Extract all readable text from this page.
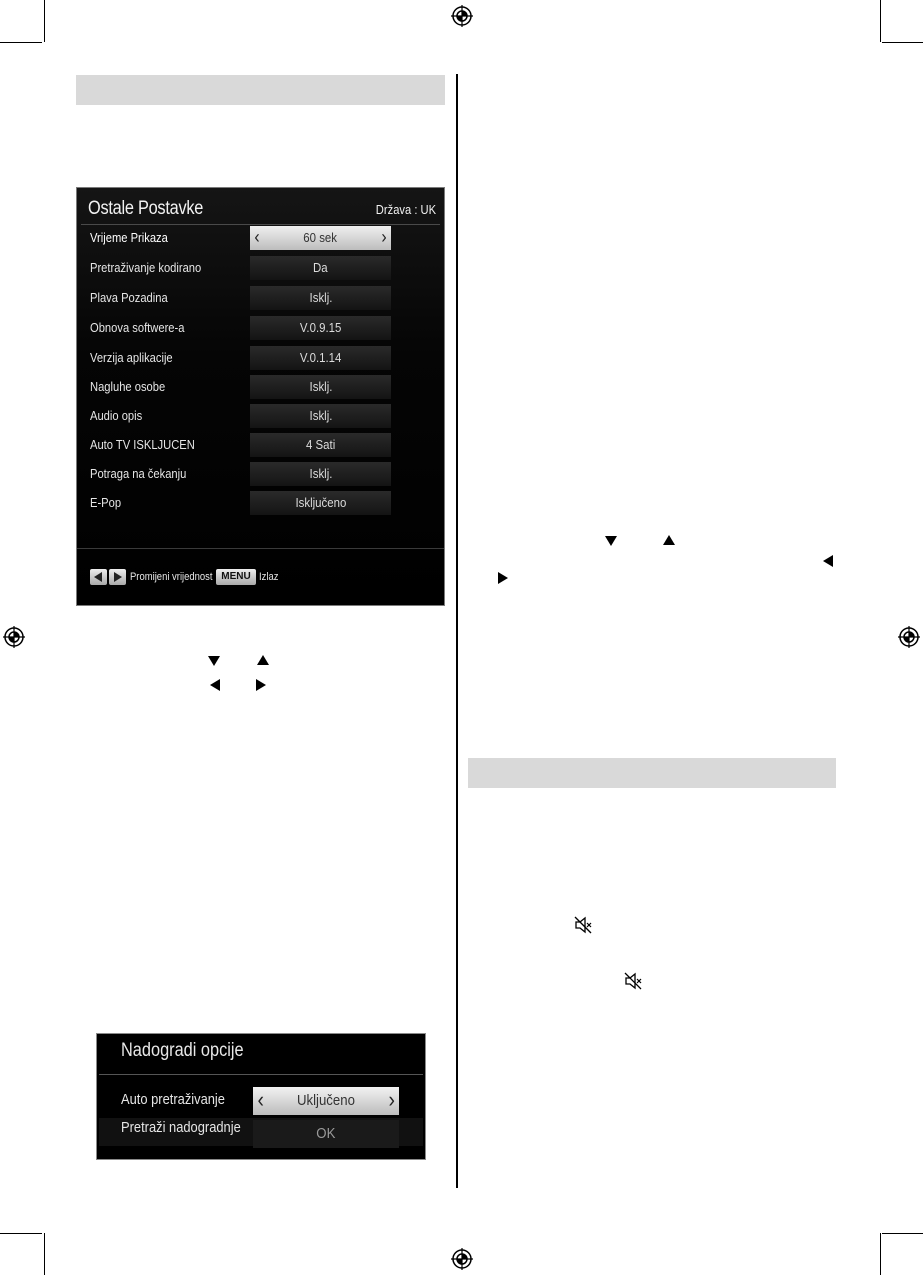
Ostale Postavke	Država : UK
Vrijeme Prikaza	‹	60 sek ›
Pretraživanje kodirano	Da
Plava Pozadina	Isklj.
Obnova softwere-a	V.0.9.15
Verzija aplikacije	V.0.1.14
Nagluhe osobe	Isklj.
Audio opis	Isklj.
Auto TV ISKLJUCEN	4 Sati
Potraga na čekanju	Isklj.
E-Pop	Isključeno
Promijeni vrijednost MENU Izlaz
Nadogradi opcije
Auto pretraživanje ‹ Uključeno ›
Pretraži nadogradnje	OK
